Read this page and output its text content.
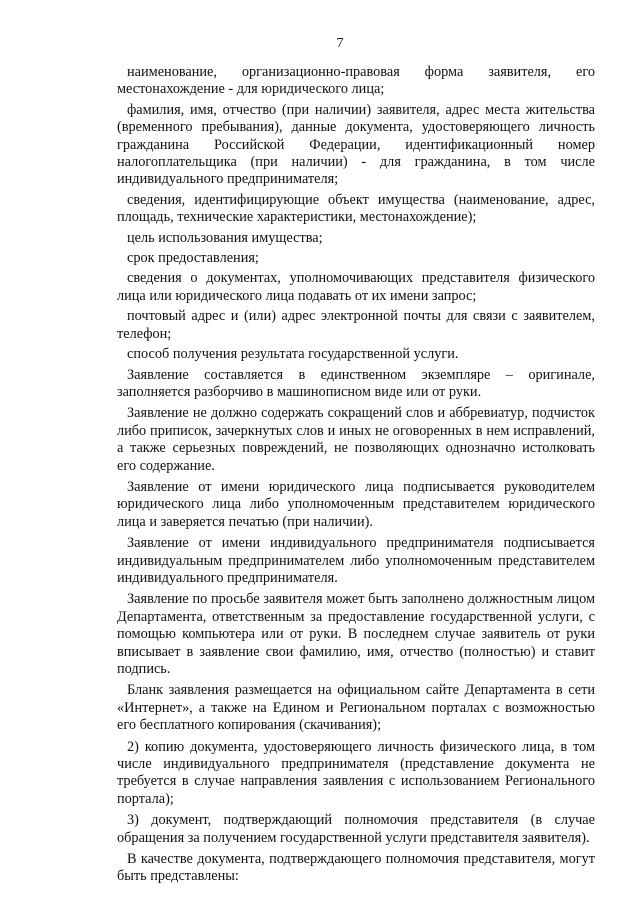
7

наименование, организационно-правовая форма заявителя, его местонахождение - для юридического лица;

фамилия, имя, отчество (при наличии) заявителя, адрес места жительства (временного пребывания), данные документа, удостоверяющего личность гражданина Российской Федерации, идентификационный номер налогоплательщика (при наличии) - для гражданина, в том числе индивидуального предпринимателя;

сведения, идентифицирующие объект имущества (наименование, адрес, площадь, технические характеристики, местонахождение);

цель использования имущества;

срок предоставления;

сведения о документах, уполномочивающих представителя физического лица или юридического лица подавать от их имени запрос;

почтовый адрес и (или) адрес электронной почты для связи с заявителем, телефон;

способ получения результата государственной услуги.

Заявление составляется в единственном экземпляре – оригинале, заполняется разборчиво в машинописном виде или от руки.

Заявление не должно содержать сокращений слов и аббревиатур, подчисток либо приписок, зачеркнутых слов и иных не оговоренных в нем исправлений, а также серьезных повреждений, не позволяющих однозначно истолковать его содержание.

Заявление от имени юридического лица подписывается руководителем юридического лица либо уполномоченным представителем юридического лица и заверяется печатью (при наличии).

Заявление от имени индивидуального предпринимателя подписывается индивидуальным предпринимателем либо уполномоченным представителем индивидуального предпринимателя.

Заявление по просьбе заявителя может быть заполнено должностным лицом Департамента, ответственным за предоставление государственной услуги, с помощью компьютера или от руки. В последнем случае заявитель от руки вписывает в заявление свои фамилию, имя, отчество (полностью) и ставит подпись.

Бланк заявления размещается на официальном сайте Департамента в сети «Интернет», а также на Едином и Региональном порталах с возможностью его бесплатного копирования (скачивания);

2) копию документа, удостоверяющего личность физического лица, в том числе индивидуального предпринимателя (представление документа не требуется в случае направления заявления с использованием Регионального портала);

3) документ, подтверждающий полномочия представителя (в случае обращения за получением государственной услуги представителя заявителя).

В качестве документа, подтверждающего полномочия представителя, могут быть представлены:
